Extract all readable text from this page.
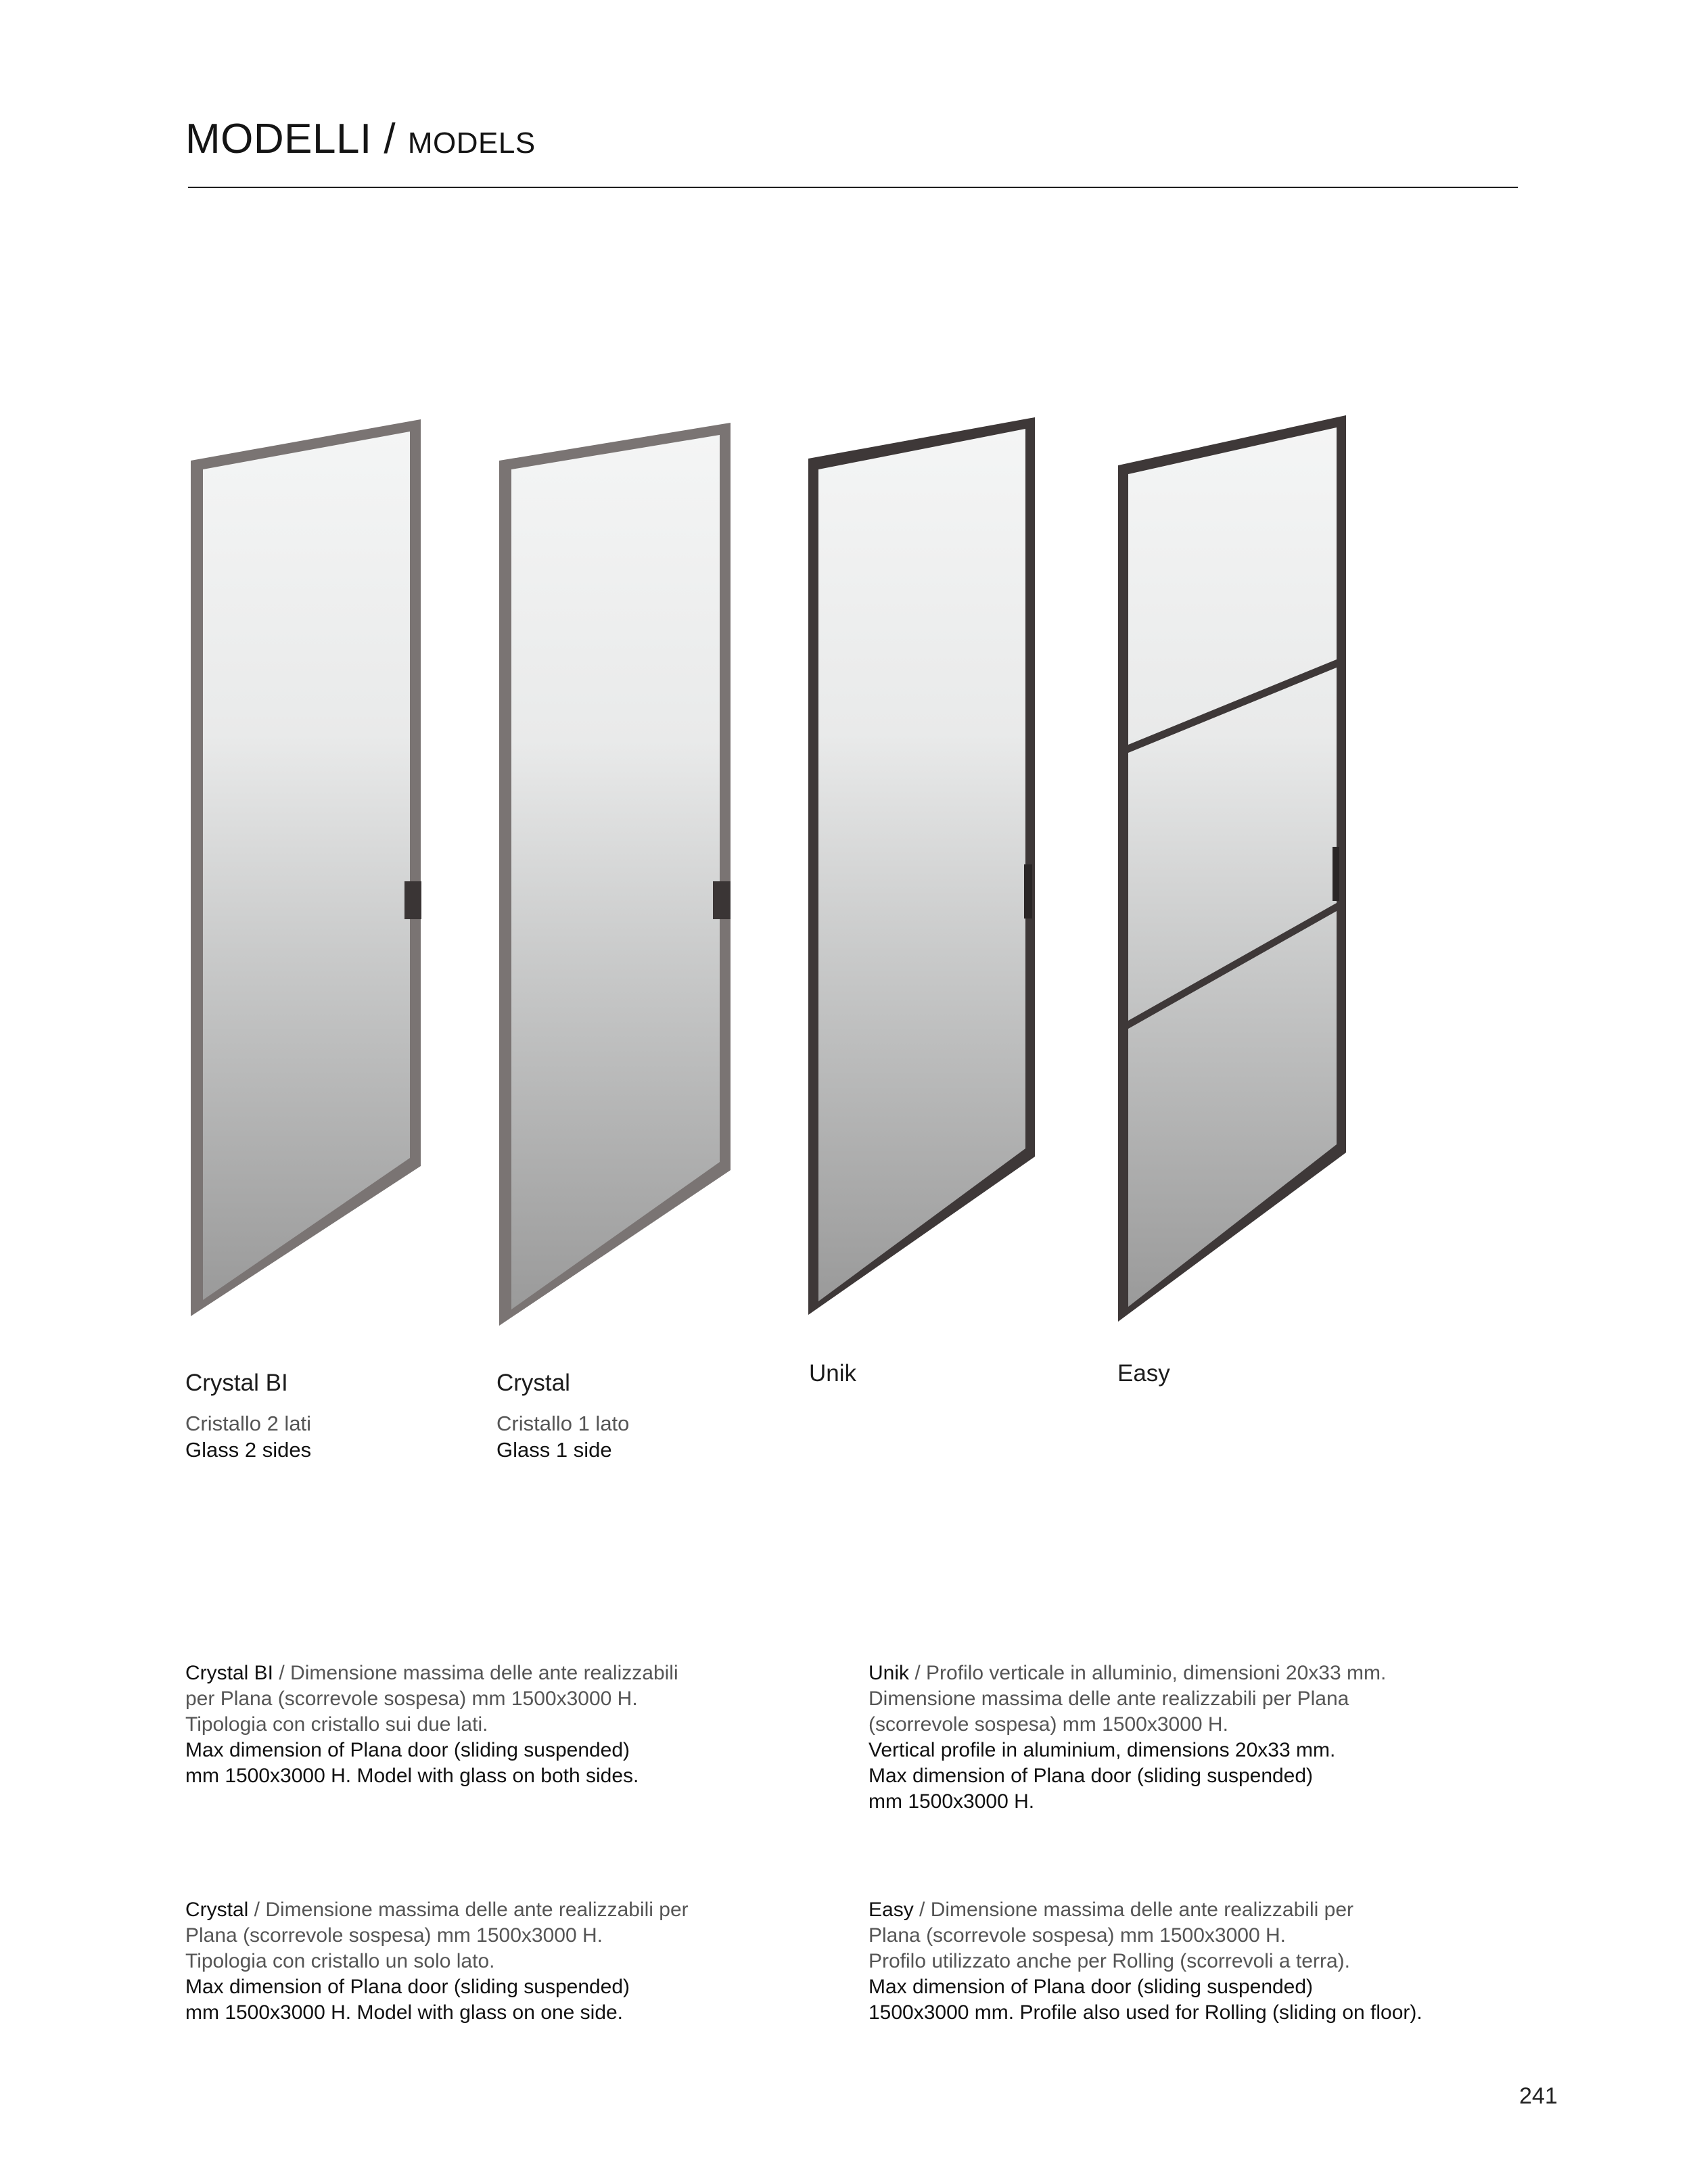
MODELLI / MODELS
Crystal BI
Cristallo 2 lati
Glass 2 sides
Crystal
Cristallo 1 lato
Glass 1 side
Unik	Easy
Crystal BI / Dimensione massima delle ante realizzabili
per Plana (scorrevole sospesa) mm 1500x3000 H.
Tipologia con cristallo sui due lati.
Max dimension of Plana door (sliding suspended)
mm 1500x3000 H. Model with glass on both sides.
Crystal / Dimensione massima delle ante realizzabili per
Plana (scorrevole sospesa) mm 1500x3000 H.
Tipologia con cristallo un solo lato.
Max dimension of Plana door (sliding suspended)
mm 1500x3000 H. Model with glass on one side.
Unik / Profilo verticale in alluminio, dimensioni 20x33 mm.
Dimensione massima delle ante realizzabili per Plana
(scorrevole sospesa) mm 1500x3000 H.
Vertical profile in aluminium, dimensions 20x33 mm.
Max dimension of Plana door (sliding suspended)
mm 1500x3000 H.
Easy / Dimensione massima delle ante realizzabili per
Plana (scorrevole sospesa) mm 1500x3000 H.
Profilo utilizzato anche per Rolling (scorrevoli a terra).
Max dimension of Plana door (sliding suspended)
1500x3000 mm. Profile also used for Rolling (sliding on floor).
241
